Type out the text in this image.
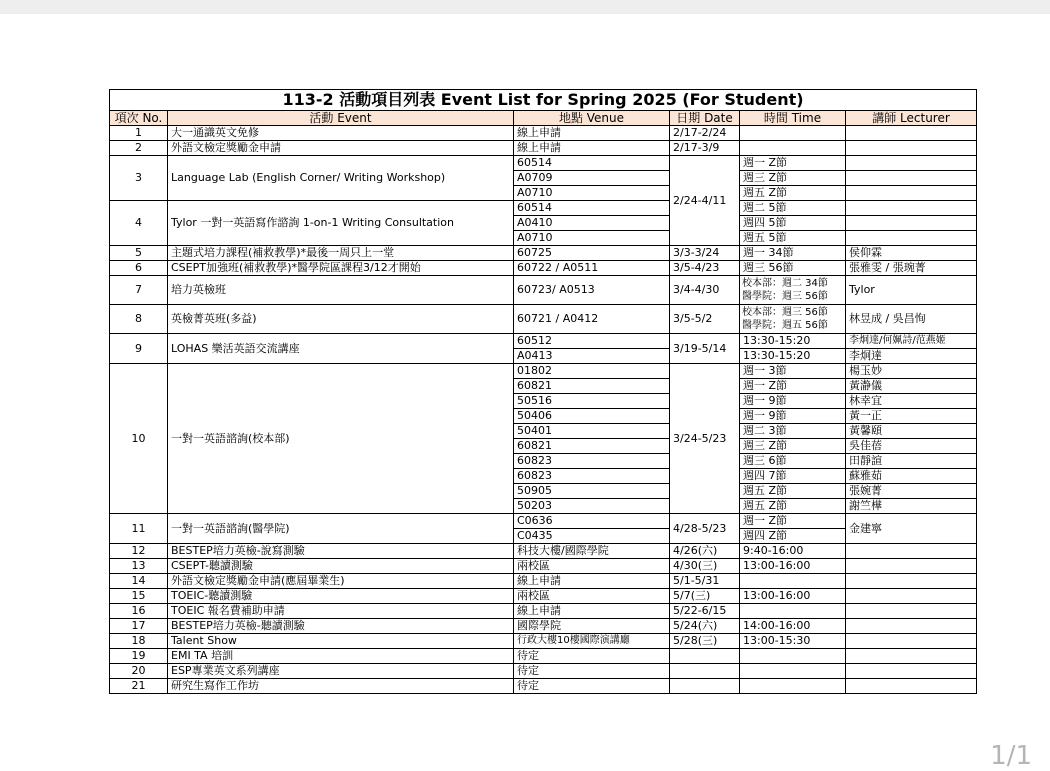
113-2 活動項目列表 Event List for Spring 2025 (For Student)					
項次 No.	活動 Event	地點 Venue	日期 Date	時間 Time	講師 Lecturer
1	大一通識英文免修	線上申請	2/17-2/24		
2	外語文檢定獎勵金申請	線上申請	2/17-3/9		
3	Language Lab (English Corner/ Writing Workshop)	60514	2/24-4/11	週一 Z節	
		A0709		週三 Z節	
		A0710		週五 Z節	
4	Tylor 一對一英語寫作諮詢 1-on-1 Writing Consultation	60514		週二 5節	
		A0410		週四 5節	
		A0710		週五 5節	
5	主題式培力課程(補救教學)*最後一周只上一堂	60725	3/3-3/24	週一 34節	侯仰霖
6	CSEPT加強班(補救教學)*醫學院區課程3/12才開始	60722 / A0511	3/5-4/23	週三 56節	張雅雯 / 張琬菁
7	培力英檢班	60723/ A0513	3/4-4/30	校本部：週二 34節
醫學院：週三 56節	Tylor
8	英檢菁英班(多益)	60721 / A0412	3/5-5/2	校本部：週三 56節
醫學院：週五 56節	林昱成 / 吳昌恂
9	LOHAS 樂活英語交流講座	60512	3/19-5/14	13:30-15:20	李炯達/何姵詩/范燕姬
		A0413		13:30-15:20	李炯達
10	一對一英語諮詢(校本部)	01802	3/24-5/23	週一 3節	楊玉妙
		60821		週一 Z節	黃瀞儀
		50516		週一 9節	林幸宜
		50406		週一 9節	黃一正
		50401		週二 3節	黃馨頤
		60821		週三 Z節	吳佳蓓
		60823		週三 6節	田靜諠
		60823		週四 7節	蘇雅茹
		50905		週五 Z節	張婉菁
		50203		週五 Z節	謝竺樺
11	一對一英語諮詢(醫學院)	C0636	4/28-5/23	週一 Z節	金建寧
		C0435		週四 Z節	
12	BESTEP培力英檢-說寫測驗	科技大樓/國際學院	4/26(六)	9:40-16:00	
13	CSEPT-聽讀測驗	兩校區	4/30(三)	13:00-16:00	
14	外語文檢定獎勵金申請(應屆畢業生)	線上申請	5/1-5/31		
15	TOEIC-聽讀測驗	兩校區	5/7(三)	13:00-16:00	
16	TOEIC 報名費補助申請	線上申請	5/22-6/15		
17	BESTEP培力英檢-聽讀測驗	國際學院	5/24(六)	14:00-16:00	
18	Talent Show	行政大樓10樓國際演講廳	5/28(三)	13:00-15:30	
19	EMI TA 培訓	待定			
20	ESP專業英文系列講座	待定			
21	研究生寫作工作坊	待定			
1/1
